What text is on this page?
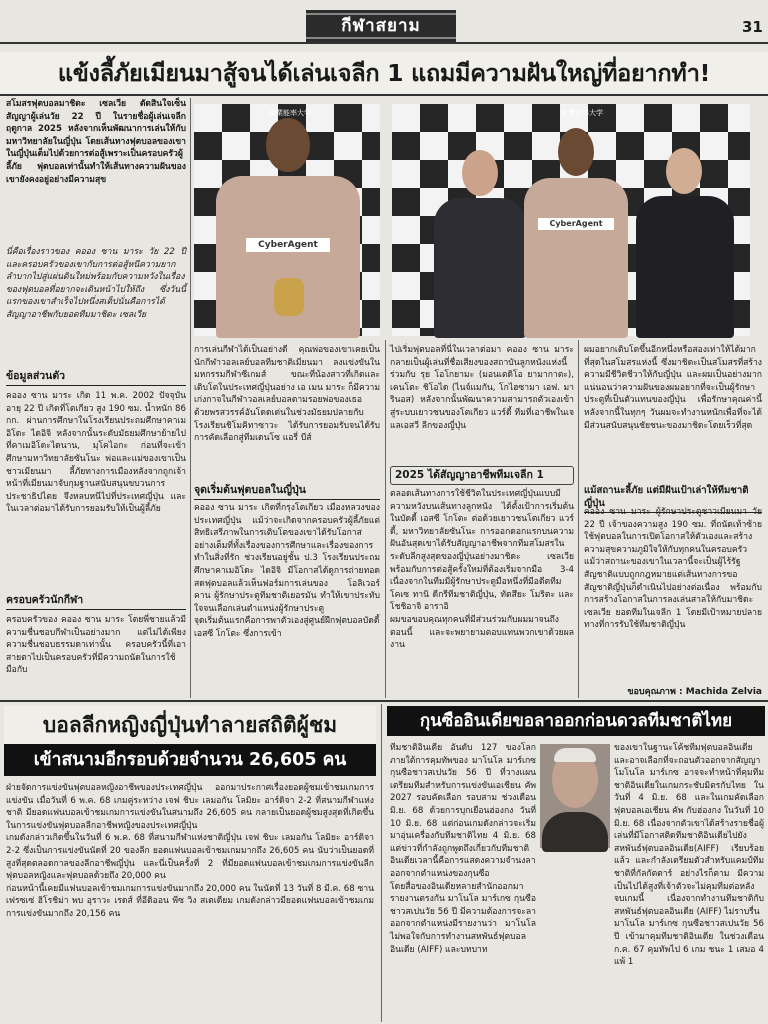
กีฬาสยาม	31
แข้งลี้ภัยเมียนมาสู้จนได้เล่นเจลีก 1 แถมมีความฝันใหญ่ที่อยากทำ!
สโมสรฟุตบอลมาชิดะ เซลเวีย ตัดสินใจเซ็นสัญญาผู้เล่นวัย 22 ปี ในรายชื่อผู้เล่นเจลีก ฤดูกาล 2025 หลังจากเห็นพัฒนาการเล่นให้กับมหาวิทยาลัยในญี่ปุ่น โดยเส้นทางฟุตบอลของเขาในญี่ปุ่นเต็มไปด้วยการต่อสู้เพราะเป็นครอบครัวผู้ลี้ภัย ฟุตบอลเท่านั้นทำให้เส้นทางความฝันของเขายังคงอยู่อย่างมีความสุข
นี่คือเรื่องราวของ คออง ซาน มาระ วัย 22 ปี และครอบครัวของเขากับการต่อสู้หนีความยากลำบากไปสู่แผ่นดินใหม่พร้อมกับความหวังในเรื่องของฟุตบอลที่อยากจะเดินหน้าไปให้ถึง ซึ่งวันนี้แรกของเขาสำเร็จไปหนึ่งสเต็ปนั่นคือการได้สัญญาอาชีพกับยอดทีมมาชิดะ เซลเวีย
ข้อมูลส่วนตัว
คออง ซาน มาระ เกิด 11 พ.ค. 2002 ปัจจุบันอายุ 22 ปี เกิดที่โตเกียว สูง 190 ซม. น้ำหนัก 86 กก. ผ่านการศึกษาในโรงเรียนประถมศึกษาคาเมอิโดะ ไดอิจิ หลังจากนั้นระดับมัธยมศึกษาย้ายไปที่คาเมอิโดะไดนาน, มุโคไอกะ ก่อนที่จะเข้าศึกษามหาวิทยาลัยซันโนะ พ่อและแม่ของเขาเป็นชาวเมียนมา ลี้ภัยทางการเมืองหลังจากถูกเจ้าหน้าที่เมียนมาจับกุมฐานสนับสนุนขบวนการประชาธิปไตย จึงหลบหนีไปที่ประเทศญี่ปุ่น และในเวลาต่อมาได้รับการยอมรับให้เป็นผู้ลี้ภัย
ครอบครัวนักกีฬา
ครอบครัวของ คออง ซาน มาระ โดยพี่ชายแล้วมีความชื่นชอบกีฬาเป็นอย่างมาก แต่ไม่ได้เพียงความชื่นชอบธรรมดาเท่านั้น ครอบครัวนี้ที่เอาสายตาไปเป็นครอบครัวที่มีความถนัดในการใช้มือกับ
産業能率大学
CyberAgent
産業能率大学
CyberAgent
การเล่นกีฬาได้เป็นอย่างดี คุณพ่อของเขาเคยเป็นนักกีฬาวอลเลย์บอลทีมชาติเมียนมา ลงแข่งขันในมหกรรมกีฬาซีเกมส์ ขณะที่น้องสาวที่เกิดและเติบโตในประเทศญี่ปุ่นอย่าง เอ เมน มาระ ก็มีความเก่งกาจในกีฬาวอลเลย์บอลตามรอยพ่อของเธอ ด้วยพรสวรรค์อันโดดเด่นในช่วงมัธยมปลายกับโรงเรียนชิโมคิทาซาวะ ได้รับการยอมรับจนได้รับการคัดเลือกสู่ทีมเดนโซ แอรี่ บีส์
จุดเริ่มต้นฟุตบอลในญี่ปุ่น
คออง ซาน มาระ เกิดที่กรุงโตเกียว เมืองหลวงของประเทศญี่ปุ่น แม้ว่าจะเกิดจากครอบครัวผู้ลี้ภัยแต่สิทธิเสรีภาพในการเติบโตของเขาได้รับโอกาสอย่างเต็มที่ทั้งเรื่องของการศึกษาและเรื่องของการทำในสิ่งที่รัก ช่วงเรียนอยู่ชั้น ป.3 โรงเรียนประถมศึกษาคาเมอิโดะ ไดอิจิ มีโอกาสได้ดูการถ่ายทอดสดฟุตบอลแล้วเห็นฟอร์มการเล่นของ โอลิเวอร์ คาน ผู้รักษาประตูทีมชาติเยอรมัน ทำให้เขาประทับใจจนเลือกเล่นตำแหน่งผู้รักษาประตู
จุดเริ่มต้นแรกคือการพาตัวเองสู่ศูนย์ฝึกฟุตบอลบัดดี้ เอสซี โกโตะ ซึ่งการเข้า
ไปเริ่มฟุตบอลที่นี่ในเวลาต่อมา คออง ซาน มาระ กลายเป็นผู้เล่นที่ชื่อเสียงของสถาบันลูกหนังแห่งนี้ร่วมกับ รุย โอโกยามะ (มอนเตดิโอ ยามากาตะ), เคนโตะ ชิโอได (ไนจ์แมกัน, โกไฮซามา เอฟ. มารินอส) หลังจากนั้นพัฒนาความสามารถตัวเองเข้าสู่ระบบเยาวชนของโตเกียว แวร์ดี้ ทีมที่เอาชีพในเจแลเอสวี ลีกของญี่ปุ่น
2025 ได้สัญญาอาชีพทีมเจลีก 1
ตลอดเส้นทางการใช้ชีวิตในประเทศญี่ปุ่นแบบมีความหวังบนเส้นทางลูกหนัง ได้ตั้งเป้าการเริ่มต้นในบัดดี้ เอสซี โกโตะ ต่อด้วยเยาวชนโตเกียว แวร์ดี้, มหาวิทยาลัยซันโนะ การออกดอกแรกบนความฝันอันสุดเขาได้รับสัญญาอาชีพจากทีมสโมสรในระดับลีกสูงสุดของญี่ปุ่นอย่างมาชิดะ เซลเวีย พร้อมกับการต่อสู้ครั้งใหม่ที่ต้องเริ่มจากมือ 3-4 เนื่องจากในทีมมีผู้รักษาประตูมือหนึ่งที่มีอดีตทีม โคเซ ทานิ ดีกรีทีมชาติญี่ปุ่น, ทัตสึยะ โมริตะ และ โชชิอาจิ อาราอิ
ผมขอขอบคุณทุกคนที่มีส่วนร่วมกับผมมาจนถึงตอนนี้ และจะพยายามตอบแทนพวกเขาด้วยผลงาน
ผมอยากเติบโตขึ้นอีกหนึ่งหรือสองเท่าให้ได้มากที่สุดในสโมสรแห่งนี้ ซึ่งมาชิดะเป็นสโมสรที่สร้างความมีชีวิตชีวาให้กับญี่ปุ่น และผมเป็นอย่างมาก แน่นอนว่าความฝันของผมอยากที่จะเป็นผู้รักษาประตูที่เป็นตัวแทนของญี่ปุ่น เพื่อรักษาคุณค่านี้ หลังจากนี้ในทุกๆ วันผมจะทำงานหนักเพื่อที่จะได้มีส่วนสนับสนุนชัยชนะของมาชิดะโดยเร็วที่สุด
แม้สถานะลี้ภัย แต่มีฝันเป้าเล่าให้ทีมชาติญี่ปุ่น
คออง ซาน มาระ ผู้รักษาประตูชาวเมียนมา วัย 22 ปี เจ้าของความสูง 190 ซม. ที่ถนัดเท้าซ้าย ใช้ฟุตบอลในการเปิดโอกาสให้ตัวเองและสร้างความสุขความภูมิใจให้กับทุกคนในครอบครัว แม้ว่าสถานะของเขาในเวลานี้จะเป็นผู้ไร้รัฐสัญชาติแบบถูกกฎหมายแต่เส้นทางการขอสัญชาติญี่ปุ่นก็ดำเนินไปอย่างต่อเนื่อง พร้อมกับการสร้างโอกาสในการลงเล่นสาลให้กับมาชิดะ เซลเวีย ยอดทีมในเจลีก 1 โดยมีเป้าหมายปลายทางที่การรับใช้ทีมชาติญี่ปุ่น
ขอบคุณภาพ : Machida Zelvia
บอลลีกหญิงญี่ปุ่นทำลายสถิติผู้ชม
เข้าสนามอีกรอบด้วยจำนวน 26,605 คน
ฝ่ายจัดการแข่งขันฟุตบอลหญิงอาชีพของประเทศญี่ปุ่น ออกมาประกาศเรื่องยอดผู้ชมเข้าชมเกมการแข่งขัน เมื่อวันที่ 6 พ.ค. 68 เกมคู่ระหว่าง เจฟ ชิบะ เลมอกัน โลมิยะ อาร์ดิจา 2-2 ที่สนามกีฬาแห่งชาติ มียอดแฟนบอลเข้าชมเกมการแข่งขันในสนามถึง 26,605 คน กลายเป็นยอดผู้ชมสูงสุดที่เกิดขึ้นในการแข่งขันฟุตบอลลีกอาชีพหญิงของประเทศญี่ปุ่น
เกมดังกล่าวเกิดขึ้นในวันที่ 6 พ.ค. 68 ที่สนามกีฬาแห่งชาติญี่ปุ่น เจฟ ชิบะ เลมอกัน โลมิยะ อาร์ดิจา 2-2 ซึ่งเป็นการแข่งขันนัดที่ 20 ของลีก ยอดแฟนบอลเข้าชมเกมมากถึง 26,605 คน นับว่าเป็นยอดที่สูงที่สุดตลอดกาลของลีกอาชีพญี่ปุ่น และนี่เป็นครั้งที่ 2 ที่มียอดแฟนบอลเข้าชมเกมการแข่งขันลีกฟุตบอลหญิงและฟุตบอลด้วยถึง 20,000 คน
ก่อนหน้านี้เคยมีแฟนบอลเข้าชมเกมการแข่งขันมากถึง 20,000 คน ในนัดที่ 13 วันที่ 8 มี.ค. 68 ซานเฟรซเซ่ ฮิโรชิม่า พบ อุราวะ เรดส์ ที่อีดิออน พีซ วิง สเตเดียม เกมดังกล่าวมียอดแฟนบอลเข้าชมเกมการแข่งขันมากถึง 20,156 คน
กุนซืออินเดียขอลาออกก่อนดวลทีมชาติไทย
ทีมชาติอินเดีย อันดับ 127 ของโลก ภายใต้การคุมทัพของ มาโนโล มาร์เกซ กุนซือชาวสเปนวัย 56 ปี ที่วางแผนเตรียมทีมสำหรับการแข่งขันเอเชียน คัพ 2027 รอบคัดเลือก รอบสาม ช่วงเดือน มิ.ย. 68 ด้วยการบุกเยือนฮ่องกง วันที่ 10 มิ.ย. 68 แต่ก่อนเกมดังกล่าวจะเริ่มมาอุ่นเครื่องกับทีมชาติไทย 4 มิ.ย. 68 แต่ข่าวที่กำลังถูกพูดถึงเกี่ยวกับทีมชาติอินเดียเวลานี้คือการแสดงความจำนงลาออกจากตำแหน่งของกุนซือ
โดยสื่อของอินเดียหลายสำนักออกมารายงานตรงกัน มาโนโล มาร์เกซ กุนซือชาวสเปนวัย 56 ปี มีความต้องการจะลาออกจากตำแหน่งมีรายงานว่า มาโนโลไม่พอใจกับการทำงานสหพันธ์ฟุตบอลอินเดีย (AIFF) และบทบาท
ของเขาในฐานะโค้ชทีมฟุตบอลอินเดียและอาจเลือกที่จะถอนตัวออกจากสัญญา
โมโนโล มาร์เกซ อาจจะทำหน้าที่คุมทีมชาติอินเดียในเกมกระชับมิตรกับไทย ในวันที่ 4 มิ.ย. 68 และในเกมคัดเลือกฟุตบอลเอเชียน คัพ กับฮ่องกง ในวันที่ 10 มิ.ย. 68 เนื่องจากตัวเขาได้สร้างรายชื่อผู้เล่นที่มีโอกาสติดทีมชาติอินเดียไปยังสหพันธ์ฟุตบอลอินเดีย(AIFF) เรียบร้อยแล้ว และกำลังเตรียมตัวสำหรับแคมป์ทีมชาติที่กัลกัตตาร์ อย่างไรก็ตาม มีความเป็นไปได้สูงที่เจ้าตัวจะไม่คุมทีมต่อหลังจบเกมนี้ เนื่องจากทำงานทีมชาติกับสหพันธ์ฟุตบอลอินเดีย (AIFF) ไม่ราบรื่น
มาโนโล มาร์เกซ กุนซือชาวสเปนวัย 56 ปี เข้ามาคุมทีมชาติอินเดีย ในช่วงเดือน ก.ค. 67 คุมทัพไป 6 เกม ชนะ 1 เสมอ 4 แพ้ 1
